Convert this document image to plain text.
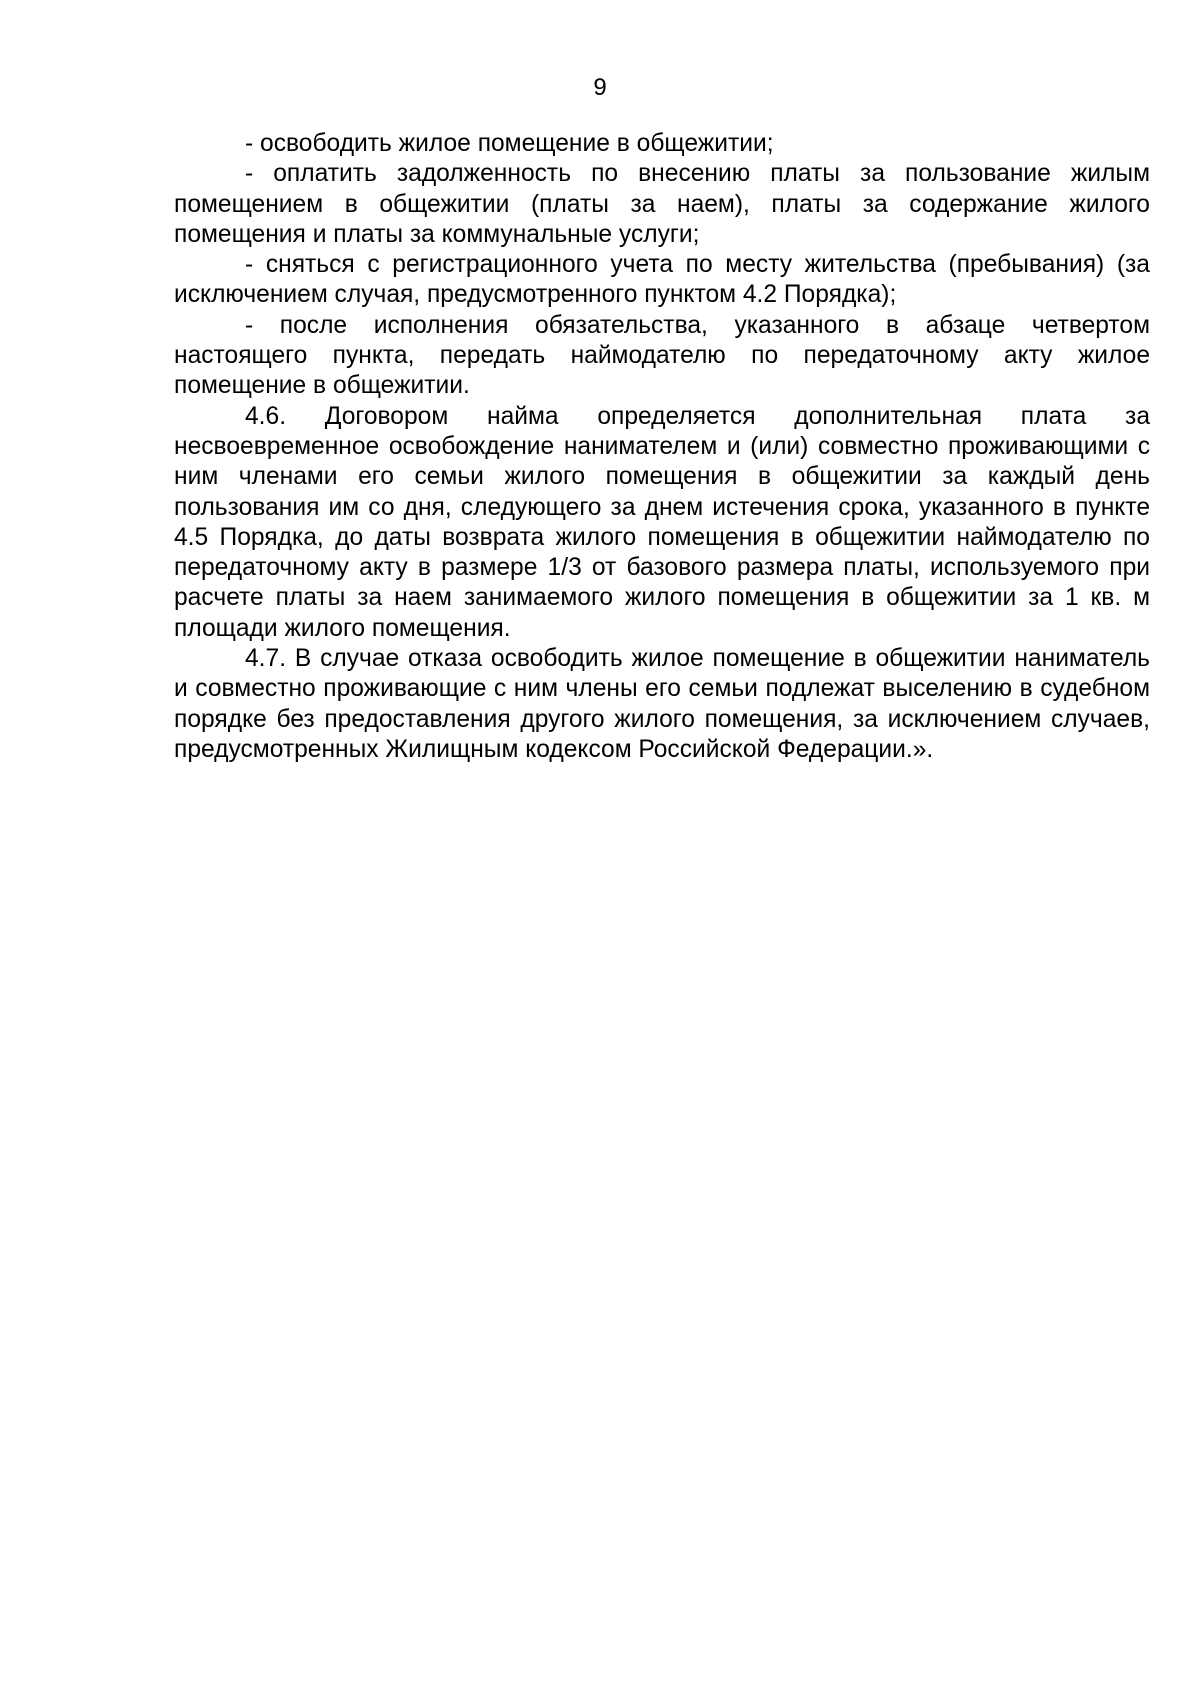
9

- освободить жилое помещение в общежитии;

- оплатить задолженность по внесению платы за пользование жилым помещением в общежитии (платы за наем), платы за содержание жилого помещения и платы за коммунальные услуги;

- сняться с регистрационного учета по месту жительства (пребывания) (за исключением случая, предусмотренного пунктом 4.2 Порядка);

- после исполнения обязательства, указанного в абзаце четвертом настоящего пункта, передать наймодателю по передаточному акту жилое помещение в общежитии.

4.6. Договором найма определяется дополнительная плата за несвоевременное освобождение нанимателем и (или) совместно проживающими с ним членами его семьи жилого помещения в общежитии за каждый день пользования им со дня, следующего за днем истечения срока, указанного в пункте 4.5 Порядка, до даты возврата жилого помещения в общежитии наймодателю по передаточному акту в размере 1/3 от базового размера платы, используемого при расчете платы за наем занимаемого жилого помещения в общежитии за 1 кв. м площади жилого помещения.

4.7. В случае отказа освободить жилое помещение в общежитии наниматель и совместно проживающие с ним члены его семьи подлежат выселению в судебном порядке без предоставления другого жилого помещения, за исключением случаев, предусмотренных Жилищным кодексом Российской Федерации.».
